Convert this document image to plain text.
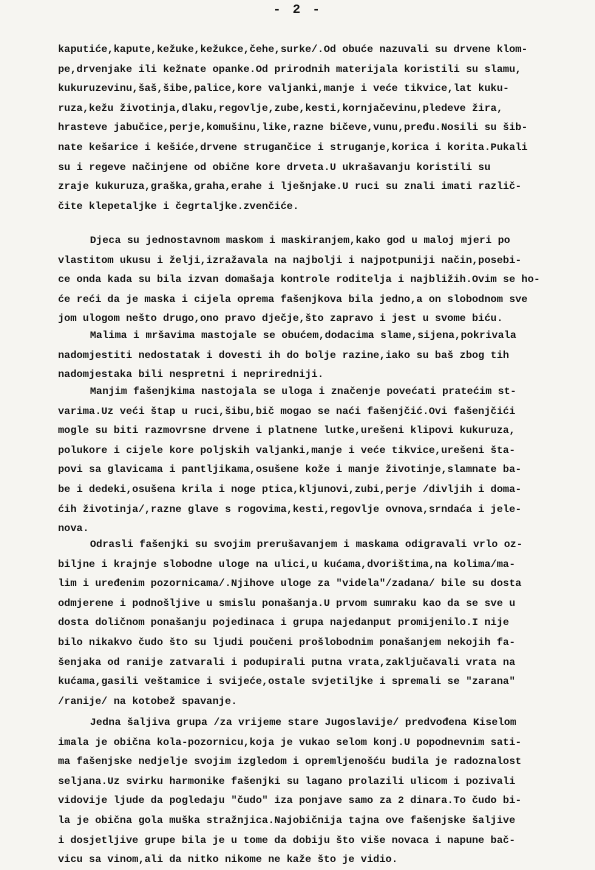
- 2 -
kaputiće,kapute,kežuke,kežukce,čehe,surke/.Od obuće nazuvali su drvene klom-
pe,drvenjake ili kežnate opanke.Od prirodnih materijala koristili su slamu,
kukuruzevinu,šaš,šibe,palice,kore valjanki,manje i veće tikvice,lat kuku-
ruza,kežu životinja,dlaku,regovlje,zube,kesti,kornjačevinu,pledeve žira,
hrasteve jabučice,perje,komušinu,like,razne bičeve,vunu,pređu.Nosili su šib-
nate kešarice i kešiće,drvene strugančice i struganje,korica i korita.Pukali
su i regeve načinjene od obične kore drveta.U ukrašavanju koristili su
zraje kukuruza,graška,graha,erahe i lješnjake.U ruci su znali imati različ-
čite klepetaljke i čegrtaljke.zvenčiće.
Djeca su jednostavnom maskom i maskiranjem,kako god u maloj mjeri po
vlastitom ukusu i želji,izražavala na najbolji i najpotpuniji način,posebi-
ce onda kada su bila izvan domašaja kontrole roditelja i najbližih.Ovim se ho-
će reći da je maska i cijela oprema fašenjkova bila jedno,a on slobodnom sve
jom ulogom nešto drugo,ono pravo dječje,što zapravo i jest u svome biću.
Malima i mršavima mastojale se obućem,dodacima slame,sijena,pokrivala
nadomjestiti nedostatak i dovesti ih do bolje razine,iako su baš zbog tih
nadomjestaka bili nespretni i nepriredniji.
Manjim fašenjkima nastojala se uloga i značenje povećati pratećim st-
varima.Uz veći štap u ruci,šibu,bič mogao se naći fašenjčić.Ovi fašenjčići
mogle su biti razmovrsne drvene i platnene lutke,urešeni klipovi kukuruza,
polukore i cijele kore poljskih valjanki,manje i veće tikvice,urešeni šta-
povi sa glavicama i pantljikama,osušene kože i manje životinje,slamnate ba-
be i dedeki,osušena krila i noge ptica,kljunovi,zubi,perje /divljih i doma-
ćih životinja/,razne glave s rogovima,kesti,regovlje ovnova,srndaća i jele-
nova.
Odrasli fašenjki su svojim prerušavanjem i maskama odigravali vrlo oz-
biljne i krajnje slobodne uloge na ulici,u kućama,dvorištima,na kolima/ma-
lim i uređenim pozornicama/.Njihove uloge za "videla"/zadana/ bile su dosta
odmjerene i podnošljive u smislu ponašanja.U prvom sumraku kao da se sve u
dosta doličnom ponašanju pojedinaca i grupa najedanput promijenilo.I nije
bilo nikakvo čudo što su ljudi poučeni prošlobodnim ponašanjem nekojih fa-
šenjaka od ranije zatvarali i podupirali putna vrata,zaključavali vrata na
kućama,gasili veštamice i svijeće,ostale svjetiljke i spremali se "zarana"
/ranije/ na kotobež spavanje.
Jedna šaljiva grupa /za vrijeme stare Jugoslavije/ predvođena Kiselom
imala je obična kola-pozornicu,koja je vukao selom konj.U popodnevnim sati-
ma fašenjske nedjelje svojim izgledom i opremljenošću budila je radoznalost
seljana.Uz svirku harmonike fašenjki su lagano prolazili ulicom i pozivali
vidovije ljude da pogledaju "čudo" iza ponjave samo za 2 dinara.To čudo bi-
la je obična gola muška stražnjica.Najobičnija tajna ove fašenjske šaljive
i dosjetljive grupe bila je u tome da dobiju što više novaca i napune bač-
vicu sa vinom,ali da nitko nikome ne kaže što je vidio.
